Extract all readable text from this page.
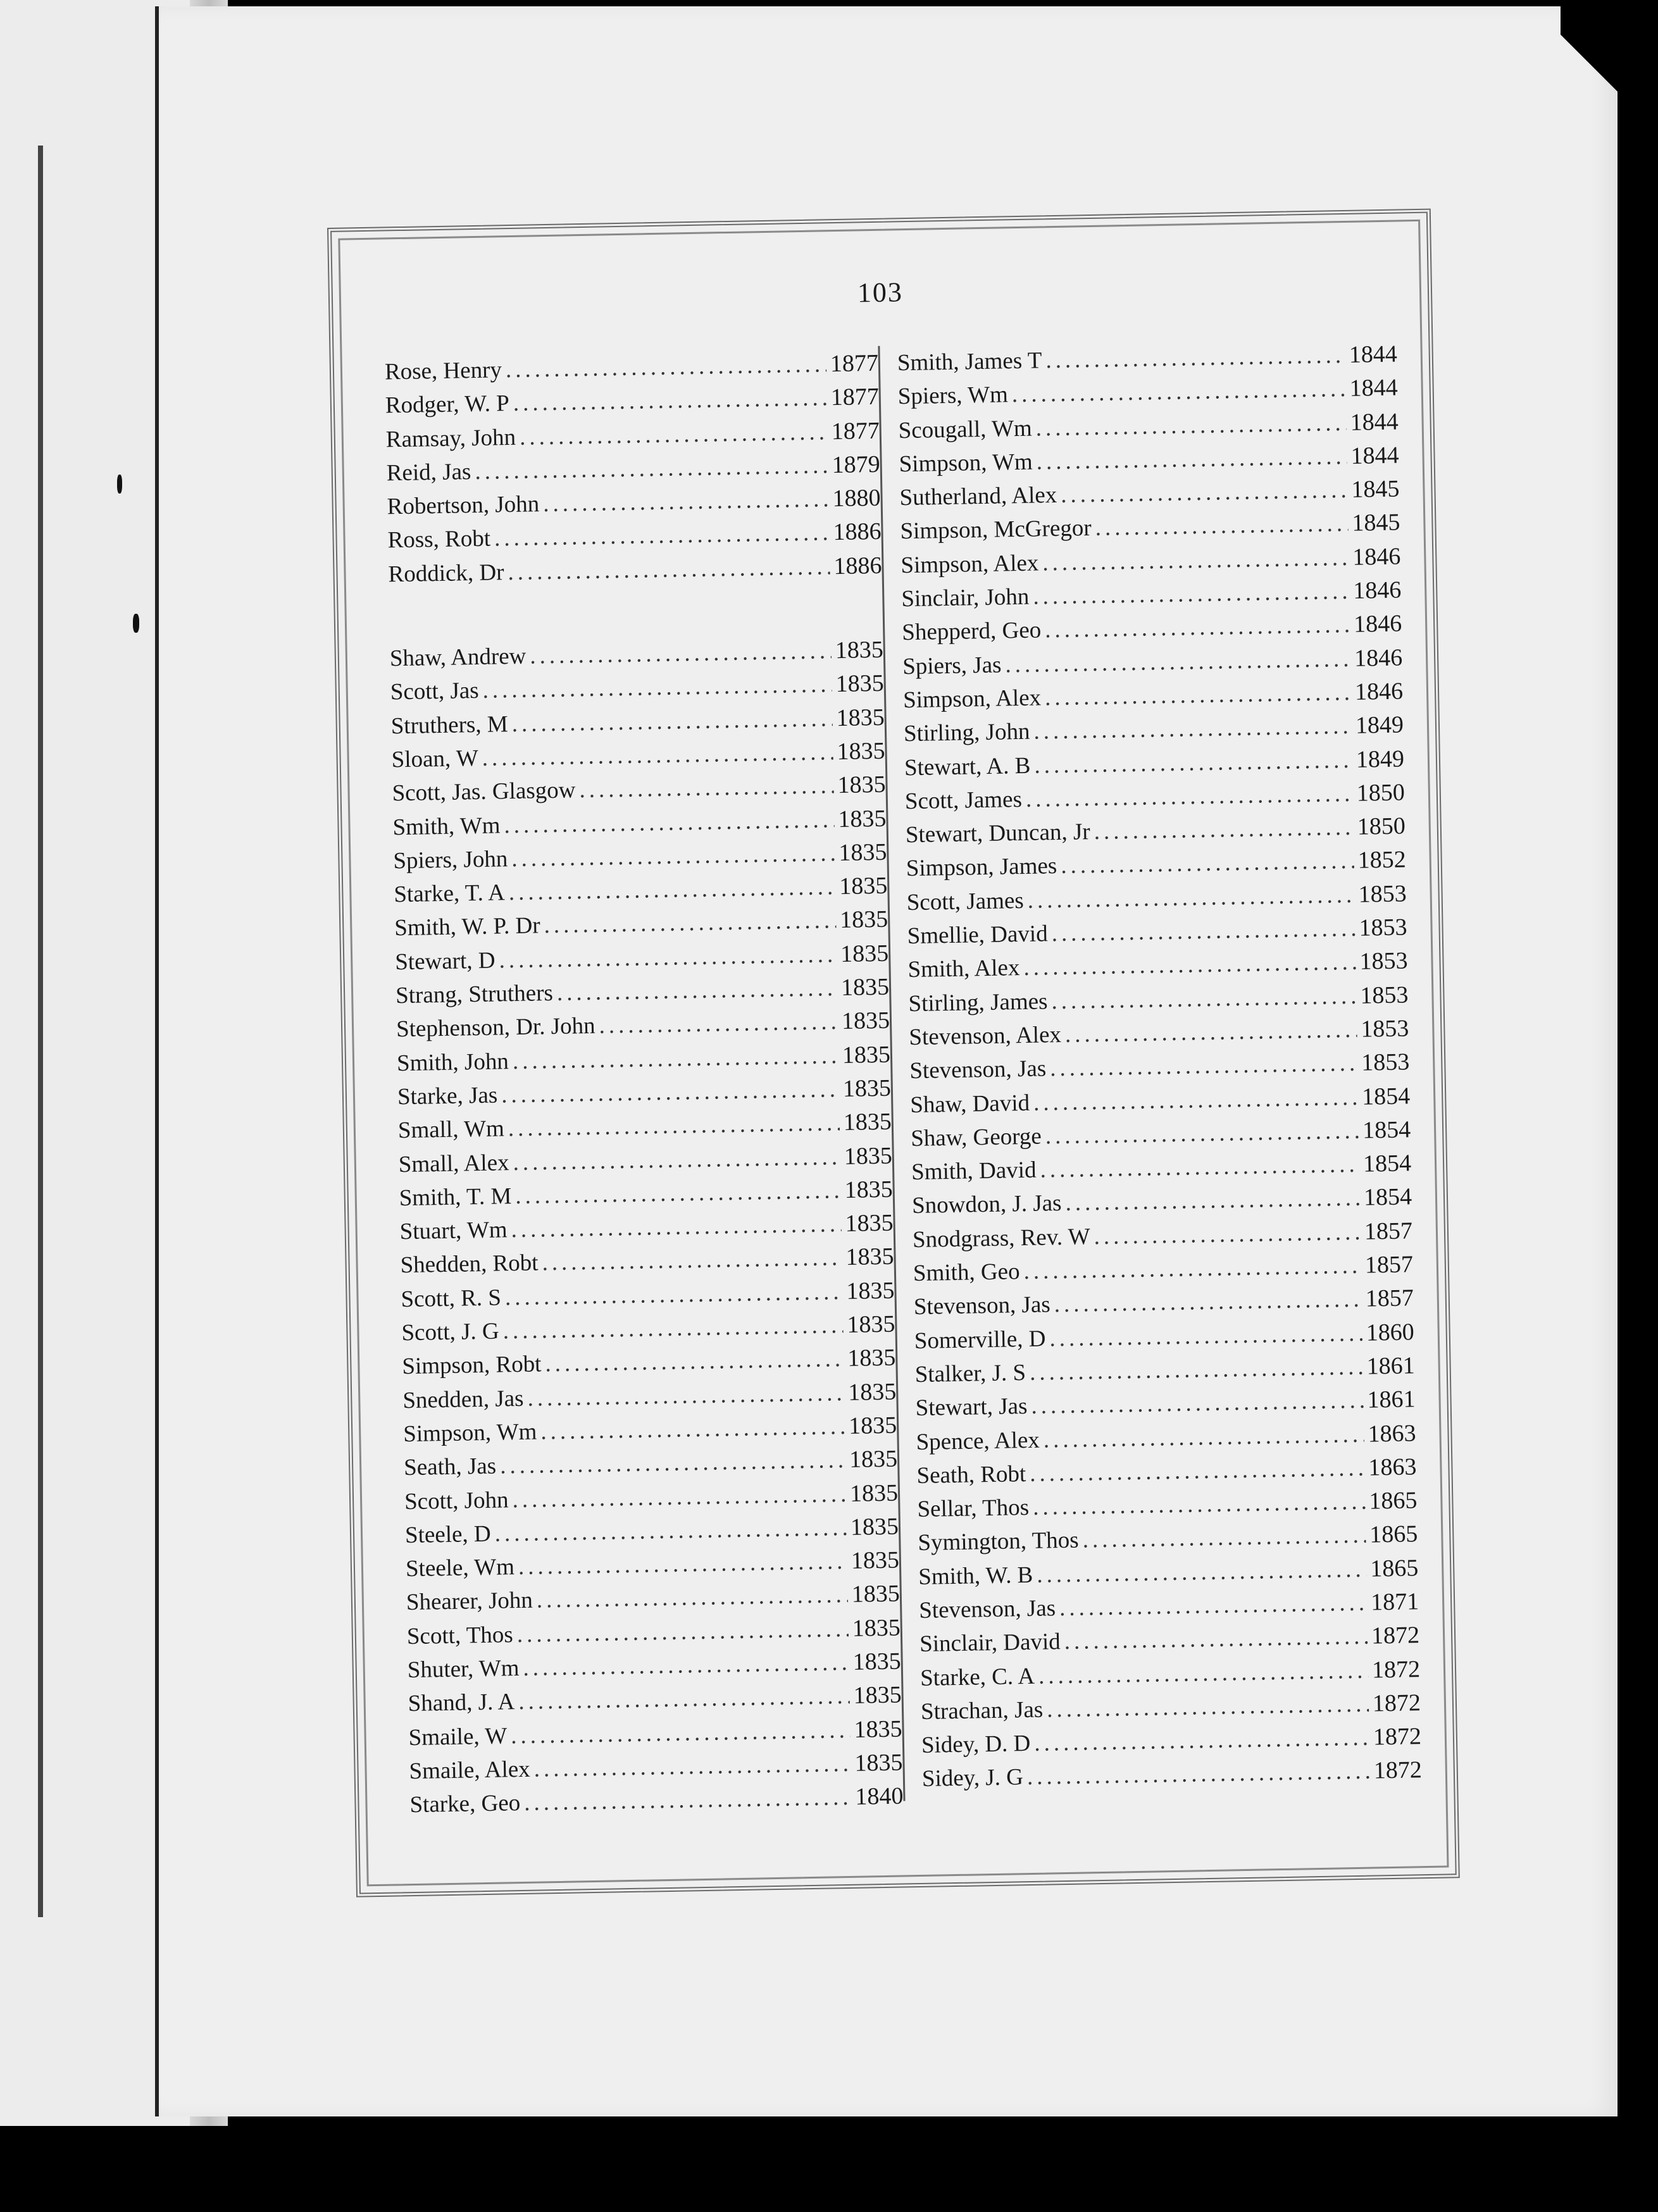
103
Rose, Henry .....	1877
Rodger, W. P .....	1877
Ramsay, John .....	1877
Reid, Jas .....	1879
Robertson, John .....	1880
Ross, Robt .....	1886
Roddick, Dr .....	1886
Shaw, Andrew .....	1835
Scott, Jas .....	1835
Struthers, M .....	1835
Sloan, W .....	1835
Scott, Jas. Glasgow .....	1835
Smith, Wm .....	1835
Spiers, John .....	1835
Starke, T. A .....	1835
Smith, W. P. Dr .....	1835
Stewart, D .....	1835
Strang, Struthers .....	1835
Stephenson, Dr. John .....	1835
Smith, John .....	1835
Starke, Jas .....	1835
Small, Wm .....	1835
Small, Alex .....	1835
Smith, T. M .....	1835
Stuart, Wm .....	1835
Shedden, Robt .....	1835
Scott, R. S .....	1835
Scott, J. G .....	1835
Simpson, Robt .....	1835
Snedden, Jas .....	1835
Simpson, Wm .....	1835
Seath, Jas .....	1835
Scott, John .....	1835
Steele, D .....	1835
Steele, Wm .....	1835
Shearer, John .....	1835
Scott, Thos .....	1835
Shuter, Wm .....	1835
Shand, J. A .....	1835
Smaile, W .....	1835
Smaile, Alex .....	1835
Starke, Geo .....	1840
Smith, James T .....	1844
Spiers, Wm .....	1844
Scougall, Wm .....	1844
Simpson, Wm .....	1844
Sutherland, Alex .....	1845
Simpson, McGregor .....	1845
Simpson, Alex .....	1846
Sinclair, John .....	1846
Shepperd, Geo .....	1846
Spiers, Jas .....	1846
Simpson, Alex .....	1846
Stirling, John .....	1849
Stewart, A. B .....	1849
Scott, James .....	1850
Stewart, Duncan, Jr .....	1850
Simpson, James .....	1852
Scott, James .....	1853
Smellie, David .....	1853
Smith, Alex .....	1853
Stirling, James .....	1853
Stevenson, Alex .....	1853
Stevenson, Jas .....	1853
Shaw, David .....	1854
Shaw, George .....	1854
Smith, David .....	1854
Snowdon, J. Jas .....	1854
Snodgrass, Rev. W .....	1857
Smith, Geo .....	1857
Stevenson, Jas .....	1857
Somerville, D .....	1860
Stalker, J. S .....	1861
Stewart, Jas .....	1861
Spence, Alex .....	1863
Seath, Robt .....	1863
Sellar, Thos .....	1865
Symington, Thos .....	1865
Smith, W. B .....	1865
Stevenson, Jas .....	1871
Sinclair, David .....	1872
Starke, C. A .....	1872
Strachan, Jas .....	1872
Sidey, D. D .....	1872
Sidey, J. G .....	1872
